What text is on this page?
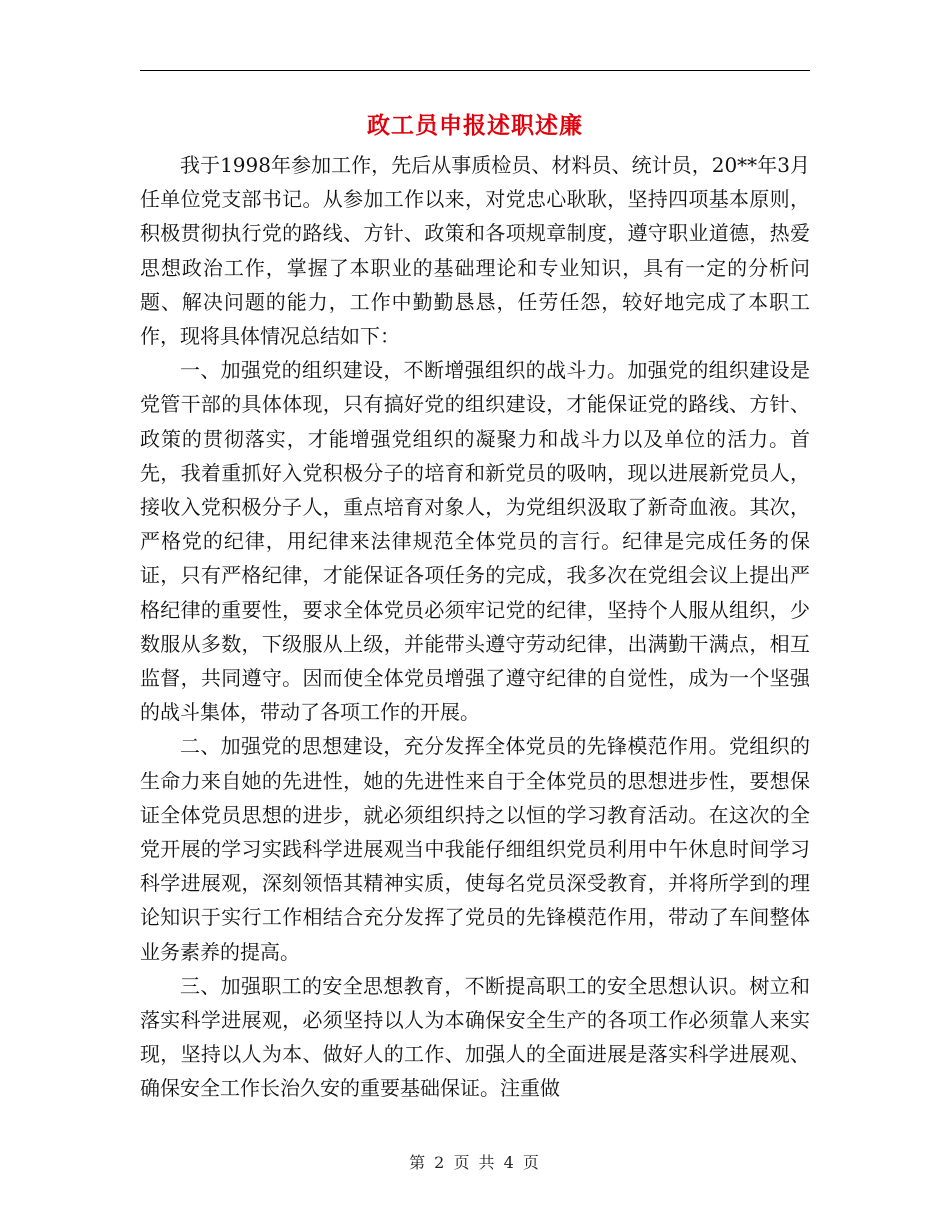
政工员申报述职述廉

我于1998年参加工作，先后从事质检员、材料员、统计员，20**年3月任单位党支部书记。从参加工作以来，对党忠心耿耿，坚持四项基本原则，积极贯彻执行党的路线、方针、政策和各项规章制度，遵守职业道德，热爱思想政治工作，掌握了本职业的基础理论和专业知识，具有一定的分析问题、解决问题的能力，工作中勤勤恳恳，任劳任怨，较好地完成了本职工作，现将具体情况总结如下：

一、加强党的组织建设，不断增强组织的战斗力。加强党的组织建设是党管干部的具体体现，只有搞好党的组织建设，才能保证党的路线、方针、政策的贯彻落实，才能增强党组织的凝聚力和战斗力以及单位的活力。首先，我着重抓好入党积极分子的培育和新党员的吸呐，现以进展新党员人，接收入党积极分子人，重点培育对象人，为党组织汲取了新奇血液。其次，严格党的纪律，用纪律来法律规范全体党员的言行。纪律是完成任务的保证，只有严格纪律，才能保证各项任务的完成，我多次在党组会议上提出严格纪律的重要性，要求全体党员必须牢记党的纪律，坚持个人服从组织，少数服从多数，下级服从上级，并能带头遵守劳动纪律，出满勤干满点，相互监督，共同遵守。因而使全体党员增强了遵守纪律的自觉性，成为一个坚强的战斗集体，带动了各项工作的开展。

二、加强党的思想建设，充分发挥全体党员的先锋模范作用。党组织的生命力来自她的先进性，她的先进性来自于全体党员的思想进步性，要想保证全体党员思想的进步，就必须组织持之以恒的学习教育活动。在这次的全党开展的学习实践科学进展观当中我能仔细组织党员利用中午休息时间学习科学进展观，深刻领悟其精神实质，使每名党员深受教育，并将所学到的理论知识于实行工作相结合充分发挥了党员的先锋模范作用，带动了车间整体业务素养的提高。

三、加强职工的安全思想教育，不断提高职工的安全思想认识。树立和落实科学进展观，必须坚持以人为本确保安全生产的各项工作必须靠人来实现，坚持以人为本、做好人的工作、加强人的全面进展是落实科学进展观、确保安全工作长治久安的重要基础保证。注重做

第 2 页 共 4 页
